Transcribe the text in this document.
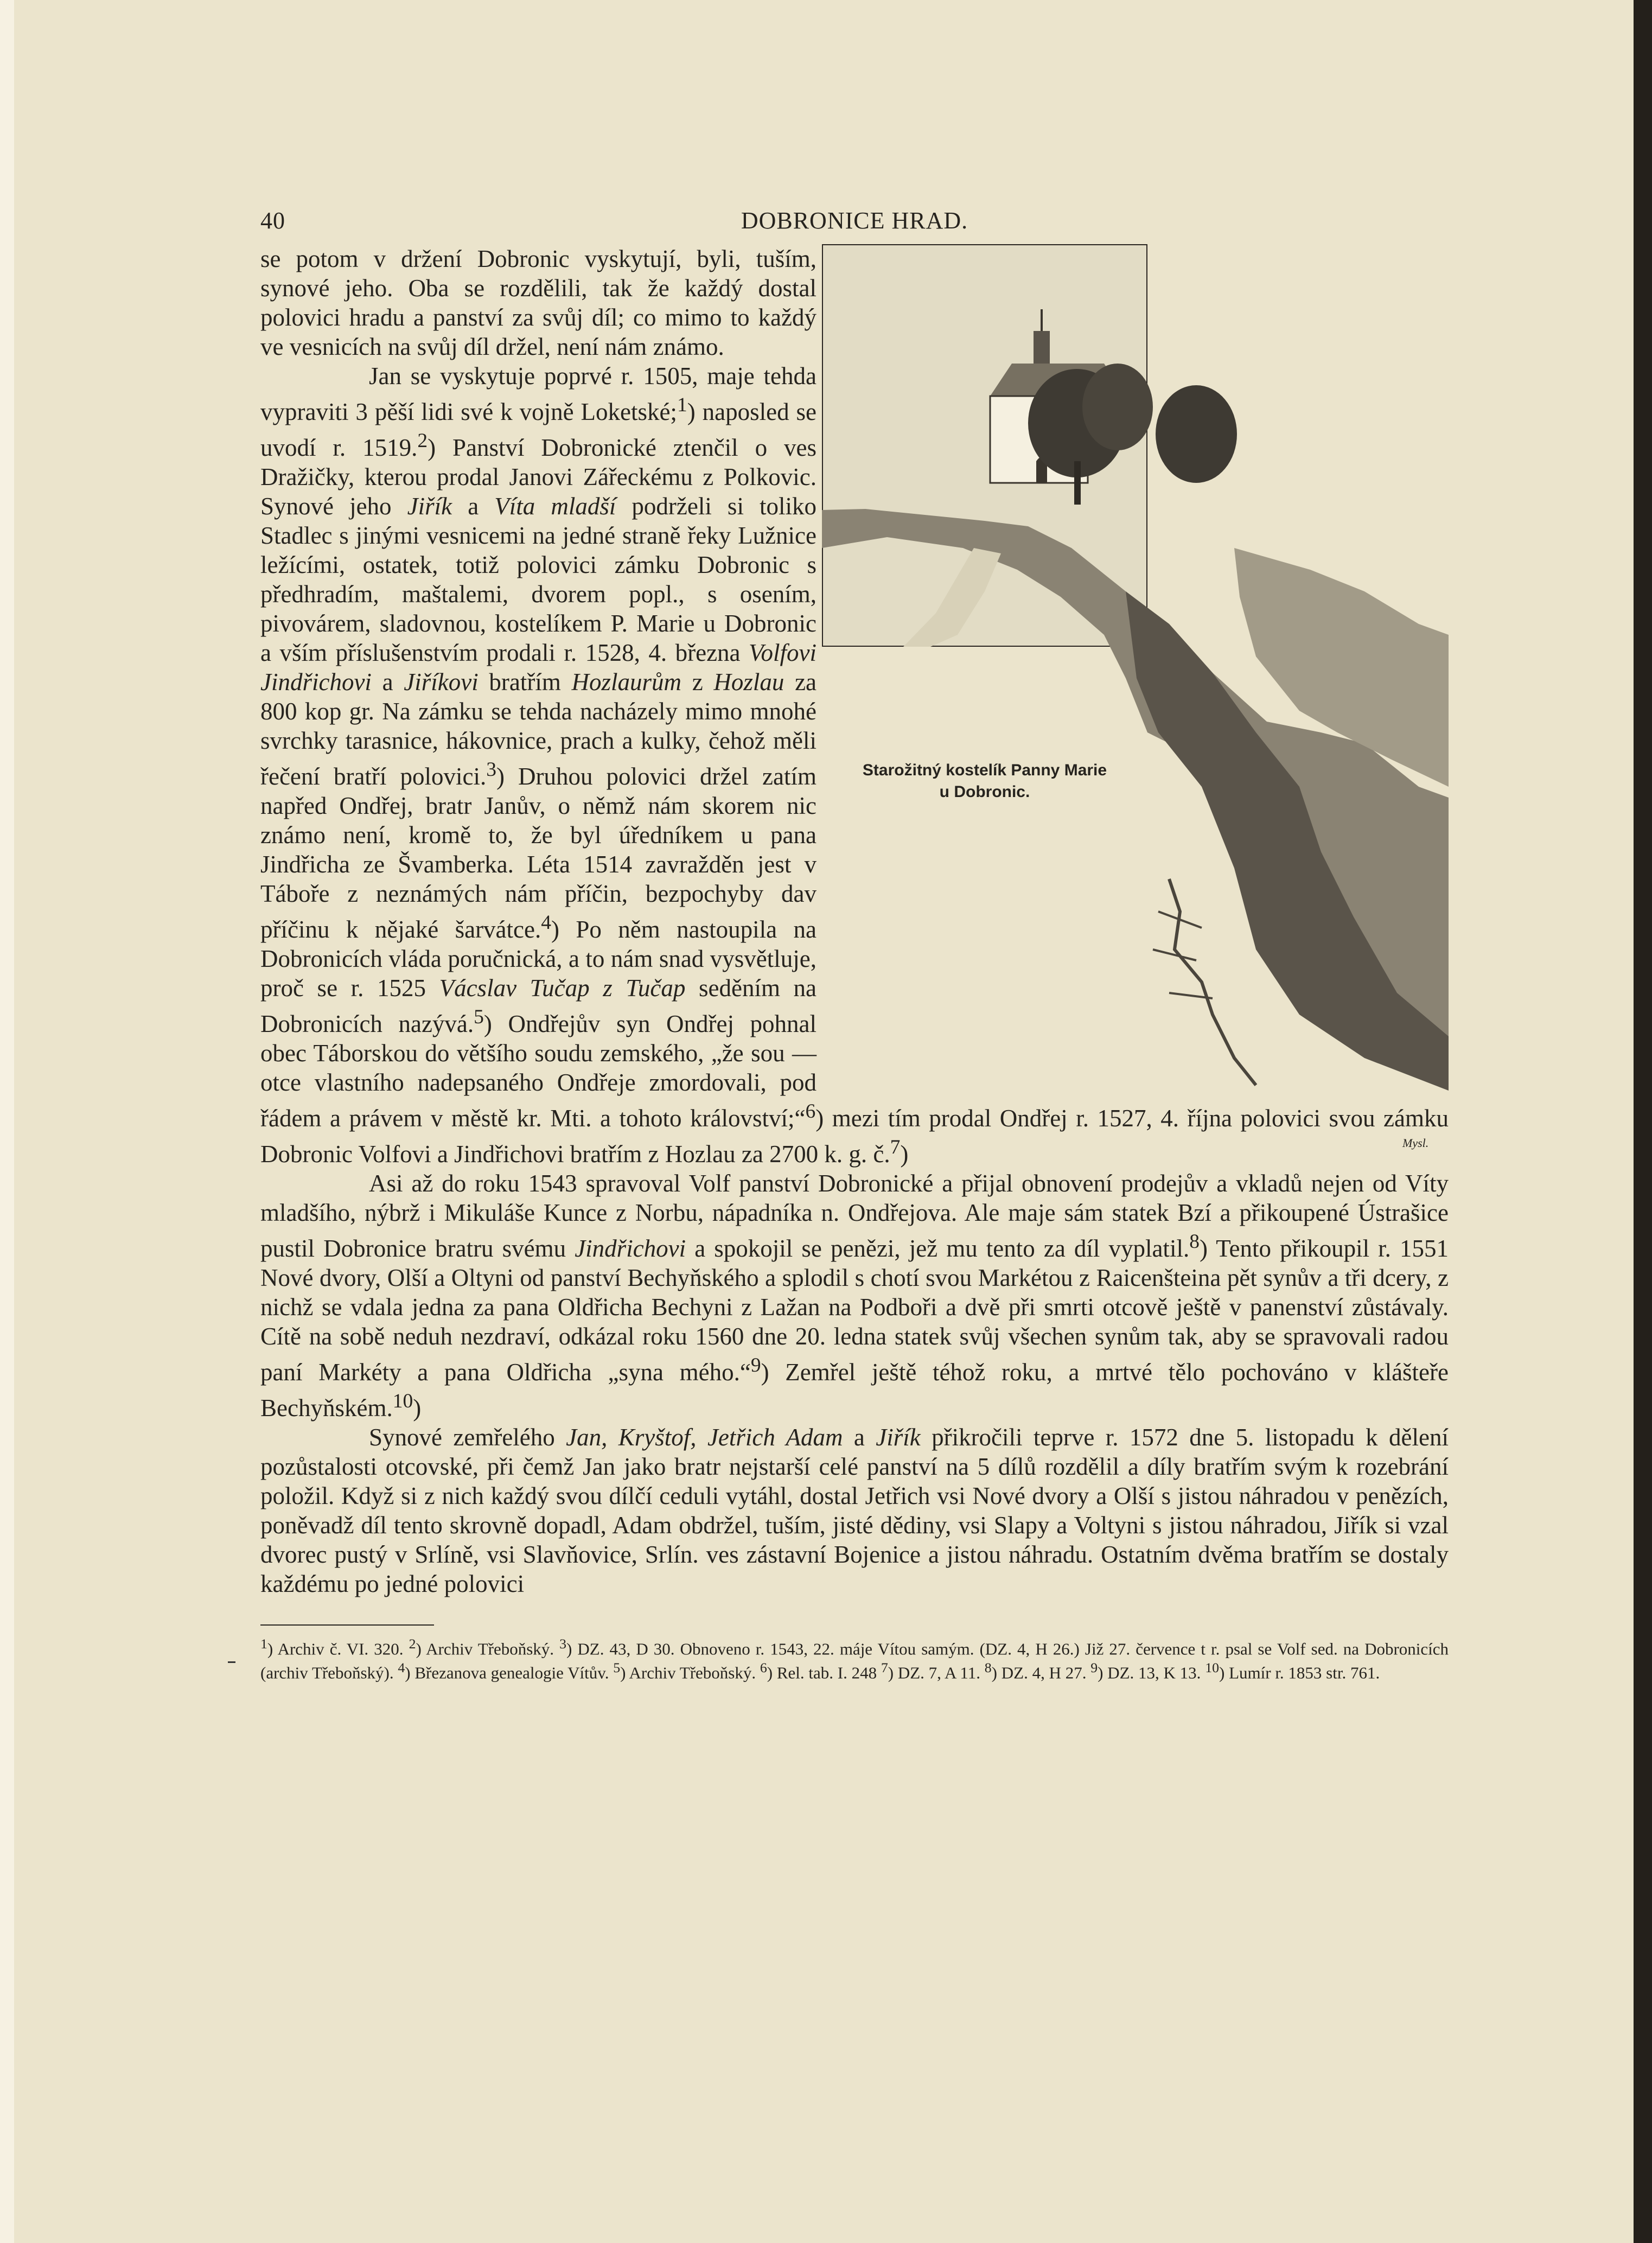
40	DOBRONICE HRAD.
Starožitný kostelík Panny Marie
u Dobronic.
Mysl.

se potom v držení Dobronic vyskytují, byli, tuším, synové jeho. Oba se rozdělili, tak že každý dostal polovici hradu a panství za svůj díl; co mimo to každý ve vesnicích na svůj díl držel, není nám známo.

Jan se vyskytuje poprvé r. 1505, maje tehda vypraviti 3 pěší lidi své k vojně Loketské;$^1$) naposled se uvodí r. 1519.$^2$) Panství Dobronické ztenčil o ves Dražičky, kterou prodal Janovi Zářeckému z Polkovic. Synové jeho Jiřík a Víta mladší podrželi si toliko Stadlec s jinými vesnicemi na jedné straně řeky Lužnice ležícími, ostatek, totiž polovici zámku Dobronic s předhradím, maštalemi, dvorem popl., s osením, pivovárem, sladovnou, kostelíkem P. Marie u Dobronic a vším příslušenstvím prodali r. 1528, 4. března Volfovi Jindřichovi a Jiříkovi bratřím Hozlaurům z Hozlau za 800 kop gr. Na zámku se tehda nacházely mimo mnohé svrchky tarasnice, hákovnice, prach a kulky, čehož měli řečení bratří polovici.$^3$) Druhou polovici držel zatím napřed Ondřej, bratr Janův, o němž nám skorem nic známo není, kromě to, že byl úředníkem u pana Jindřicha ze Švamberka. Léta 1514 zavražděn jest v Táboře z neznámých nám příčin, bezpochyby dav příčinu k nějaké šarvátce.$^4$) Po něm nastoupila na Dobronicích vláda poručnická, a to nám snad vysvětluje, proč se r. 1525 Vácslav Tučap z Tučap seděním na Dobronicích nazývá.$^5$) Ondřejův syn Ondřej pohnal obec Táborskou do většího soudu zemského, „že sou — otce vlastního nadepsaného Ondřeje zmordovali, pod řádem a právem v městě kr. Mti. a tohoto království;“$^6$) mezi tím prodal Ondřej r. 1527, 4. října polovici svou zámku Dobronic Volfovi a Jindřichovi bratřím z Hozlau za 2700 k. g. č.$^7$)

Asi až do roku 1543 spravoval Volf panství Dobronické a přijal obnovení prodejův a vkladů nejen od Víty mladšího, nýbrž i Mikuláše Kunce z Norbu, nápadníka n. Ondřejova. Ale maje sám statek Bzí a přikoupené Ústrašice pustil Dobronice bratru svému Jindřichovi a spokojil se penězi, jež mu tento za díl vyplatil.$^8$) Tento přikoupil r. 1551 Nové dvory, Olší a Oltyni od panství Bechyňského a splodil s chotí svou Markétou z Raicenšteina pět synův a tři dcery, z nichž se vdala jedna za pana Oldřicha Bechyni z Lažan na Podboři a dvě při smrti otcově ještě v panenství zůstávaly. Cítě na sobě neduh nezdraví, odkázal roku 1560 dne 20. ledna statek svůj všechen synům tak, aby se spravovali radou paní Markéty a pana Oldřicha „syna mého.“$^9$) Zemřel ještě téhož roku, a mrtvé tělo pochováno v klášteře Bechyňském.$^{10}$)

Synové zemřelého Jan, Kryštof, Jetřich Adam a Jiřík přikročili teprve r. 1572 dne 5. listopadu k dělení pozůstalosti otcovské, při čemž Jan jako bratr nejstarší celé panství na 5 dílů rozdělil a díly bratřím svým k rozebrání položil. Když si z nich každý svou dílčí ceduli vytáhl, dostal Jetřich vsi Nové dvory a Olší s jistou náhradou v penězích, poněvadž díl tento skrovně dopadl, Adam obdržel, tuším, jisté dědiny, vsi Slapy a Voltyni s jistou náhradou, Jiřík si vzal dvorec pustý v Srlíně, vsi Slavňovice, Srlín. ves zástavní Bojenice a jistou náhradu. Ostatním dvěma bratřím se dostaly každému po jedné polovici

$^1$) Archiv č. VI. 320. $^2$) Archiv Třeboňský. $^3$) DZ. 43, D 30. Obnoveno r. 1543, 22. máje Vítou samým. (DZ. 4, H 26.) Již 27. července t r. psal se Volf sed. na Dobronicích (archiv Třeboňský). $^4$) Březanova genealogie Vítův. $^5$) Archiv Třeboňský. $^6$) Rel. tab. I. 248 $^7$) DZ. 7, A 11. $^8$) DZ. 4, H 27. $^9$) DZ. 13, K 13. $^{10}$) Lumír r. 1853 str. 761.
